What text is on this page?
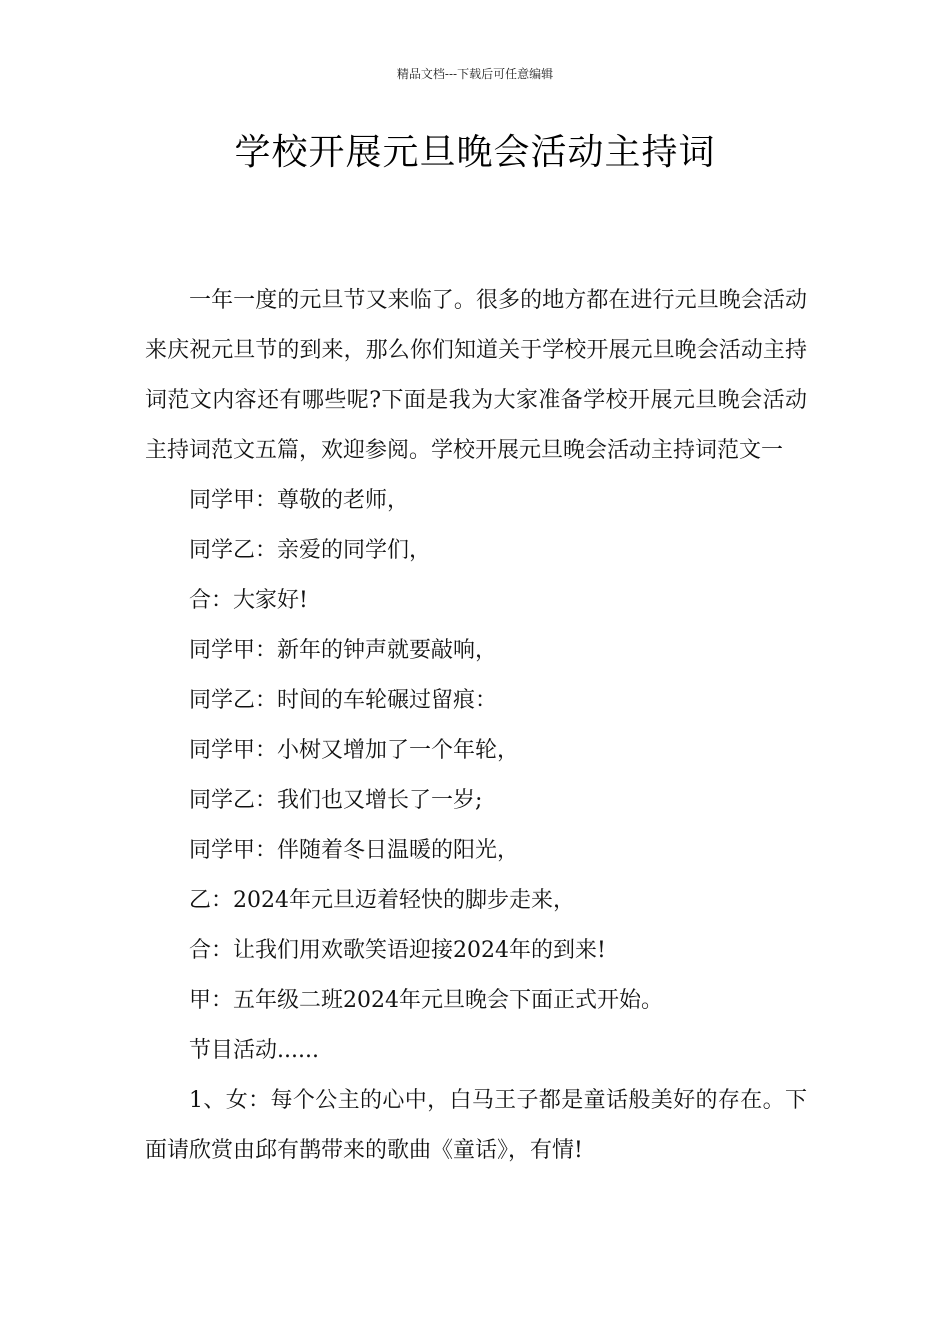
精品文档---下载后可任意编辑
学校开展元旦晚会活动主持词

一年一度的元旦节又来临了。很多的地方都在进行元旦晚会活动来庆祝元旦节的到来，那么你们知道关于学校开展元旦晚会活动主持词范文内容还有哪些呢?下面是我为大家准备学校开展元旦晚会活动主持词范文五篇，欢迎参阅。学校开展元旦晚会活动主持词范文一

同学甲：尊敬的老师，

同学乙：亲爱的同学们，

合：大家好!

同学甲：新年的钟声就要敲响，

同学乙：时间的车轮碾过留痕：

同学甲：小树又增加了一个年轮，

同学乙：我们也又增长了一岁;

同学甲：伴随着冬日温暖的阳光，

乙：2024年元旦迈着轻快的脚步走来，

合：让我们用欢歌笑语迎接2024年的到来!

甲：五年级二班2024年元旦晚会下面正式开始。

节目活动......

1、女：每个公主的心中，白马王子都是童话般美好的存在。下面请欣赏由邱有鹊带来的歌曲《童话》，有情!
